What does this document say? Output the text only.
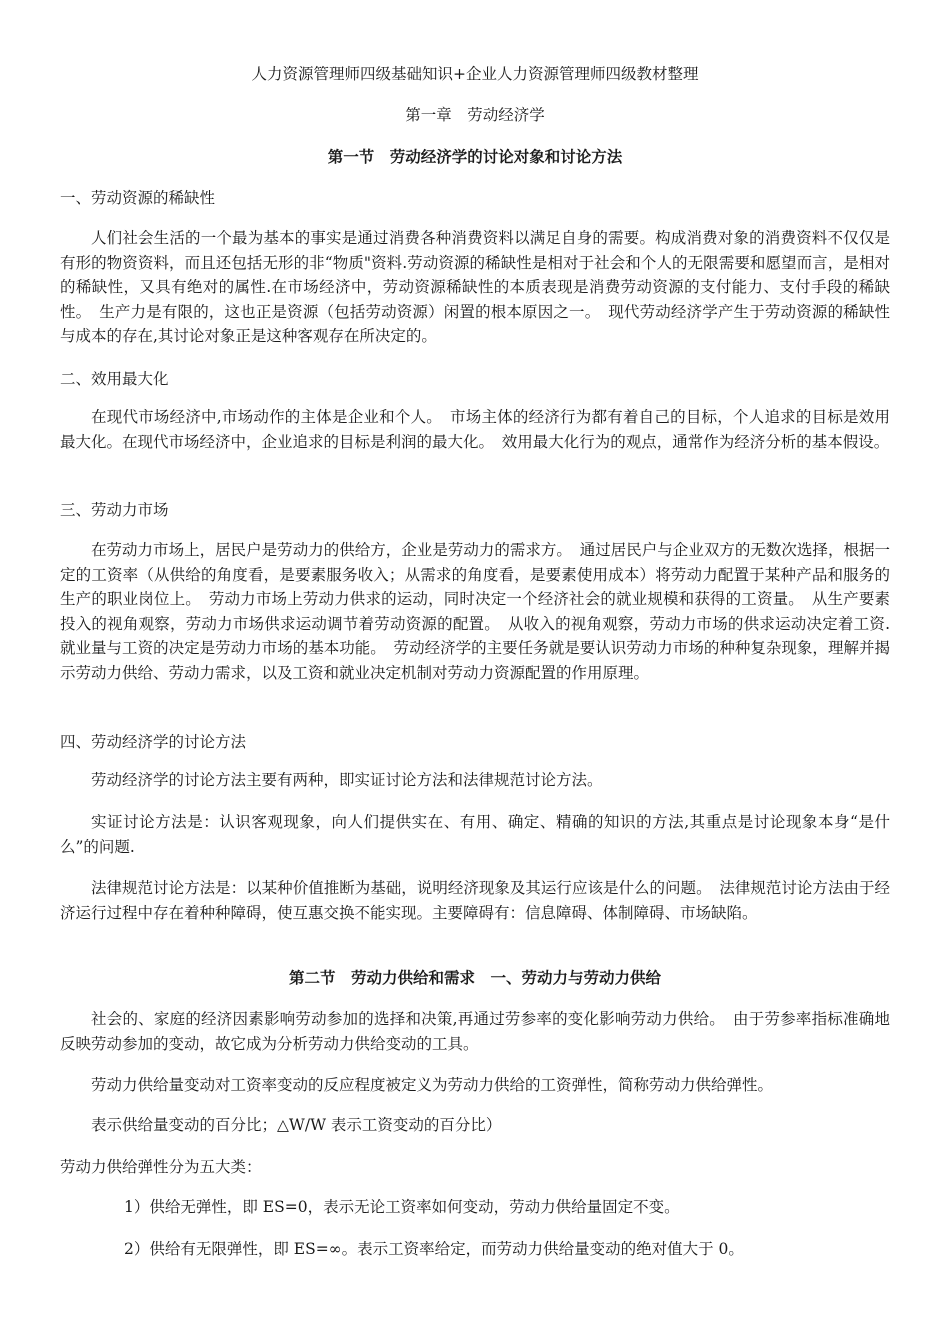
人力资源管理师四级基础知识+企业人力资源管理师四级教材整理
第一章　劳动经济学
第一节　劳动经济学的讨论对象和讨论方法
一、劳动资源的稀缺性
人们社会生活的一个最为基本的事实是通过消费各种消费资料以满足自身的需要。构成消费对象的消费资料不仅仅是有形的物资资料，而且还包括无形的非“物质"资料.劳动资源的稀缺性是相对于社会和个人的无限需要和愿望而言，是相对的稀缺性，又具有绝对的属性.在市场经济中，劳动资源稀缺性的本质表现是消费劳动资源的支付能力、支付手段的稀缺性。　生产力是有限的，这也正是资源（包括劳动资源）闲置的根本原因之一。　现代劳动经济学产生于劳动资源的稀缺性与成本的存在,其讨论对象正是这种客观存在所决定的。
二、效用最大化
在现代市场经济中,市场动作的主体是企业和个人。　市场主体的经济行为都有着自己的目标，个人追求的目标是效用最大化。在现代市场经济中，企业追求的目标是利润的最大化。　效用最大化行为的观点，通常作为经济分析的基本假设。
三、劳动力市场
在劳动力市场上，居民户是劳动力的供给方，企业是劳动力的需求方。　通过居民户与企业双方的无数次选择，根据一定的工资率（从供给的角度看，是要素服务收入；从需求的角度看，是要素使用成本）将劳动力配置于某种产品和服务的生产的职业岗位上。　劳动力市场上劳动力供求的运动，同时决定一个经济社会的就业规模和获得的工资量。　从生产要素投入的视角观察，劳动力市场供求运动调节着劳动资源的配置。　从收入的视角观察，劳动力市场的供求运动决定着工资.就业量与工资的决定是劳动力市场的基本功能。　劳动经济学的主要任务就是要认识劳动力市场的种种复杂现象，理解并揭示劳动力供给、劳动力需求，以及工资和就业决定机制对劳动力资源配置的作用原理。
四、劳动经济学的讨论方法
劳动经济学的讨论方法主要有两种，即实证讨论方法和法律规范讨论方法。
实证讨论方法是：认识客观现象，向人们提供实在、有用、确定、精确的知识的方法,其重点是讨论现象本身“是什么”的问题.
法律规范讨论方法是：以某种价值推断为基础，说明经济现象及其运行应该是什么的问题。　法律规范讨论方法由于经济运行过程中存在着种种障碍，使互惠交换不能实现。主要障碍有：信息障碍、体制障碍、市场缺陷。
第二节　劳动力供给和需求　一、劳动力与劳动力供给
社会的、家庭的经济因素影响劳动参加的选择和决策,再通过劳参率的变化影响劳动力供给。　由于劳参率指标准确地反映劳动参加的变动，故它成为分析劳动力供给变动的工具。
劳动力供给量变动对工资率变动的反应程度被定义为劳动力供给的工资弹性，简称劳动力供给弹性。
表示供给量变动的百分比；△W/W 表示工资变动的百分比）
劳动力供给弹性分为五大类：
1）供给无弹性，即 ES=0，表示无论工资率如何变动，劳动力供给量固定不变。
2）供给有无限弹性，即 ES=∞。表示工资率给定，而劳动力供给量变动的绝对值大于 0。
